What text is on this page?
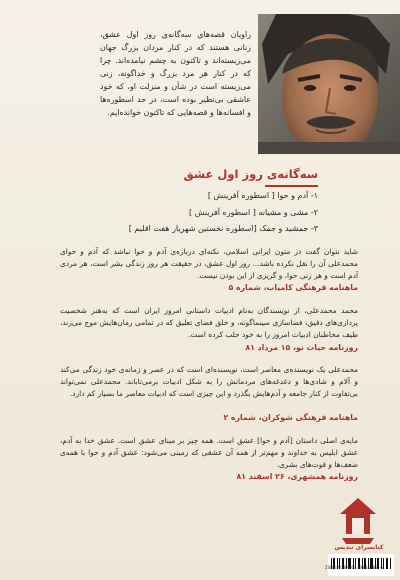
راویان قصه‌های سه‌گانه‌ی روز اول عشق، زنانی هستند که در کنار مردان بزرگ جهان می‌زیسته‌اند و تاکنون به چشم نیامده‌اند. چرا که در کنار هر مرد بزرگ و خداگونه، زنی می‌زیسته است در شأن و منزلت او، که خود عاشقی بی‌نظیر بوده است، در حد اسطوره‌ها و افسانه‌ها و قصه‌هایی که تاکنون خوانده‌ایم.
سه‌گانه‌ی روز اول عشق
۱- آدم و حوا [ اسطوره آفرینش ]
۲- مشی و مشیانه [ اسطوره آفرینش ]
۳- جمشید و جمک [اسطوره نخستین شهریار هفت اقلیم ]
شاید بتوان گفت در متون ایرانی اسلامی، نکته‌ای درباره‌ی آدم و حوا نباشد که آدم و حوای محمدعلی آن را نقل نکرده باشد... روز اول عشق، در حقیقت هر روز زندگی بشر است، هر مردی آدم است و هر زنی حوا، و گریزی از این بودن نیست.
ماهنامه فرهنگی کامیاب، شماره ۵
محمد محمدعلی، از نویسندگان به‌نام ادبیات داستانی امروز ایران است که به‌هنر شخصیت پردازی‌های دقیق، فضاسازی سینماگونه، و خلق فضای تعلیق که در تمامی رمان‌هایش موج می‌زند، طیف مخاطبان ادبیات امروز را به خود جلب کرده است.
روزنامه حیات نو، ۱۵ مرداد ۸۱
محمدعلی یک نویسنده‌ی معاصر است، نویسنده‌ای است که در عصر و زمانه‌ی خود زندگی می‌کند و آلام و شادی‌ها و دغدغه‌های مردمانش را به شکل ادبیات برمی‌تاباند. محمدعلی نمی‌تواند بی‌تفاوت از کنار جامعه و آدم‌هایش بگذرد و این چیزی است که ادبیات معاصر ما بسیار کم دارد.
ماهنامه فرهنگی شوکران، شماره ۲
مایه‌ی اصلی داستان [آدم و حوا] عشق است. همه چیز بر مبنای عشق است. عشق خدا به آدم، عشق ابلیس به خداوند و مهم‌تر از همه آن عشقی که زمینی می‌شود: عشق آدم و حوا با همه‌ی ضعف‌ها و قوت‌های بشری.
روزنامه همشهری، ۲۶ اسفند ۸۱
کتابسرای تندیس
ISBN:978-964-9944-83-6
